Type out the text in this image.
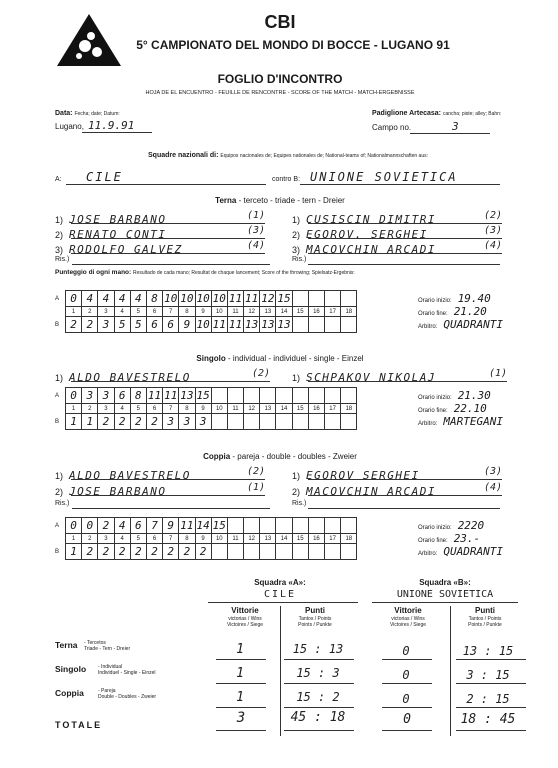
CBI
5° CAMPIONATO DEL MONDO DI BOCCE - LUGANO 91
FOGLIO D'INCONTRO
HOJA DE EL ENCUENTRO - FEUILLE DE RENCONTRE - SCORE OF THE MATCH - MATCH-ERGEBNISSE
Data: Fecha; date; Datum:
Lugano, 11.9.91
Padiglione Artecasa: cancha; piste; alley; Bahn:
Campo no.	3
Squadre nazionali di: Equipos nacionales de; Equipes nationales de; National-teams of; Nationalmannschaften aus:
A: CILE	contro B: UNIONE SOVIETICA
Terna - terceto - triade - tern - Dreier
1) JOSE BARBANO	(1)
2) RENATO CONTI	(3)
3) RODOLFO GALVEZ	(4)
1) CUSISCIN DIMITRI	(2)
2) EGOROV. SERGHEI	(3)
3) MACOVCHIN ARCADI	(4)
Ris.)	Ris.)
Punteggio di ogni mano: Resultado de cada mano; Resultat de chaque lancement; Score of the throwing; Spielsatz-Ergebnis:
A	0	4	4	4	4	8	10	10	10	10	11	11	12	15				
	1	2	3	4	5	6	7	8	9	10	11	12	13	14	15	16	17	18
B	2	2	3	5	5	6	6	9	10	11	11	13	13	13				
Orario inizio: 19.40
Orario fine: 21.20
Arbitro: QUADRANTI
Singolo - individual - individuel - single - Einzel
1) ALDO BAVESTRELO	(2) 1) SCHPAKOV NIKOLAJ	(1)
A	0	3	3	6	8	11	11	13	15									
	1	2	3	4	5	6	7	8	9	10	11	12	13	14	15	16	17	18
B	1	1	2	2	2	2	3	3	3									
Orario inizio: 21.30
Orario fine: 22.10
Arbitro: MARTEGANI
Coppia - pareja - double - doubles - Zweier
1) ALDO BAVESTRELO	(2)
2) JOSE BARBANO	(1)
1) EGOROV SERGHEI	(3)
2) MACOVCHIN ARCADI	(4)
Ris.)	Ris.)
A	0	0	2	4	6	7	9	11	14	15								
	1	2	3	4	5	6	7	8	9	10	11	12	13	14	15	16	17	18
B	1	2	2	2	2	2	2	2	2									
Orario inizio: 2220
Orario fine: 23.-
Arbitro: QUADRANTI
Squadra «A»:
CILE
Squadra «B»:
UNIONE SOVIETICA
Vittorie
victorias / Wins
Victoires / Siege
Punti
Tantos / Points
Points / Punkte
Vittorie
victorias / Wins
Victoires / Siege
Punti
Tantos / Points
Points / Punkte
Terna	- Tercetos
Triade - Tern - Dreier	1	15 : 13	0	13 : 15
Singolo	- Individual
Individuel - Single - Einzel	1	15 : 3	0	3 : 15
Coppia	- Pareja
Double - Doubles - Zweier	1	15 : 2	0	2 : 15
TOTALE	3	45 : 18	0	18 : 45
